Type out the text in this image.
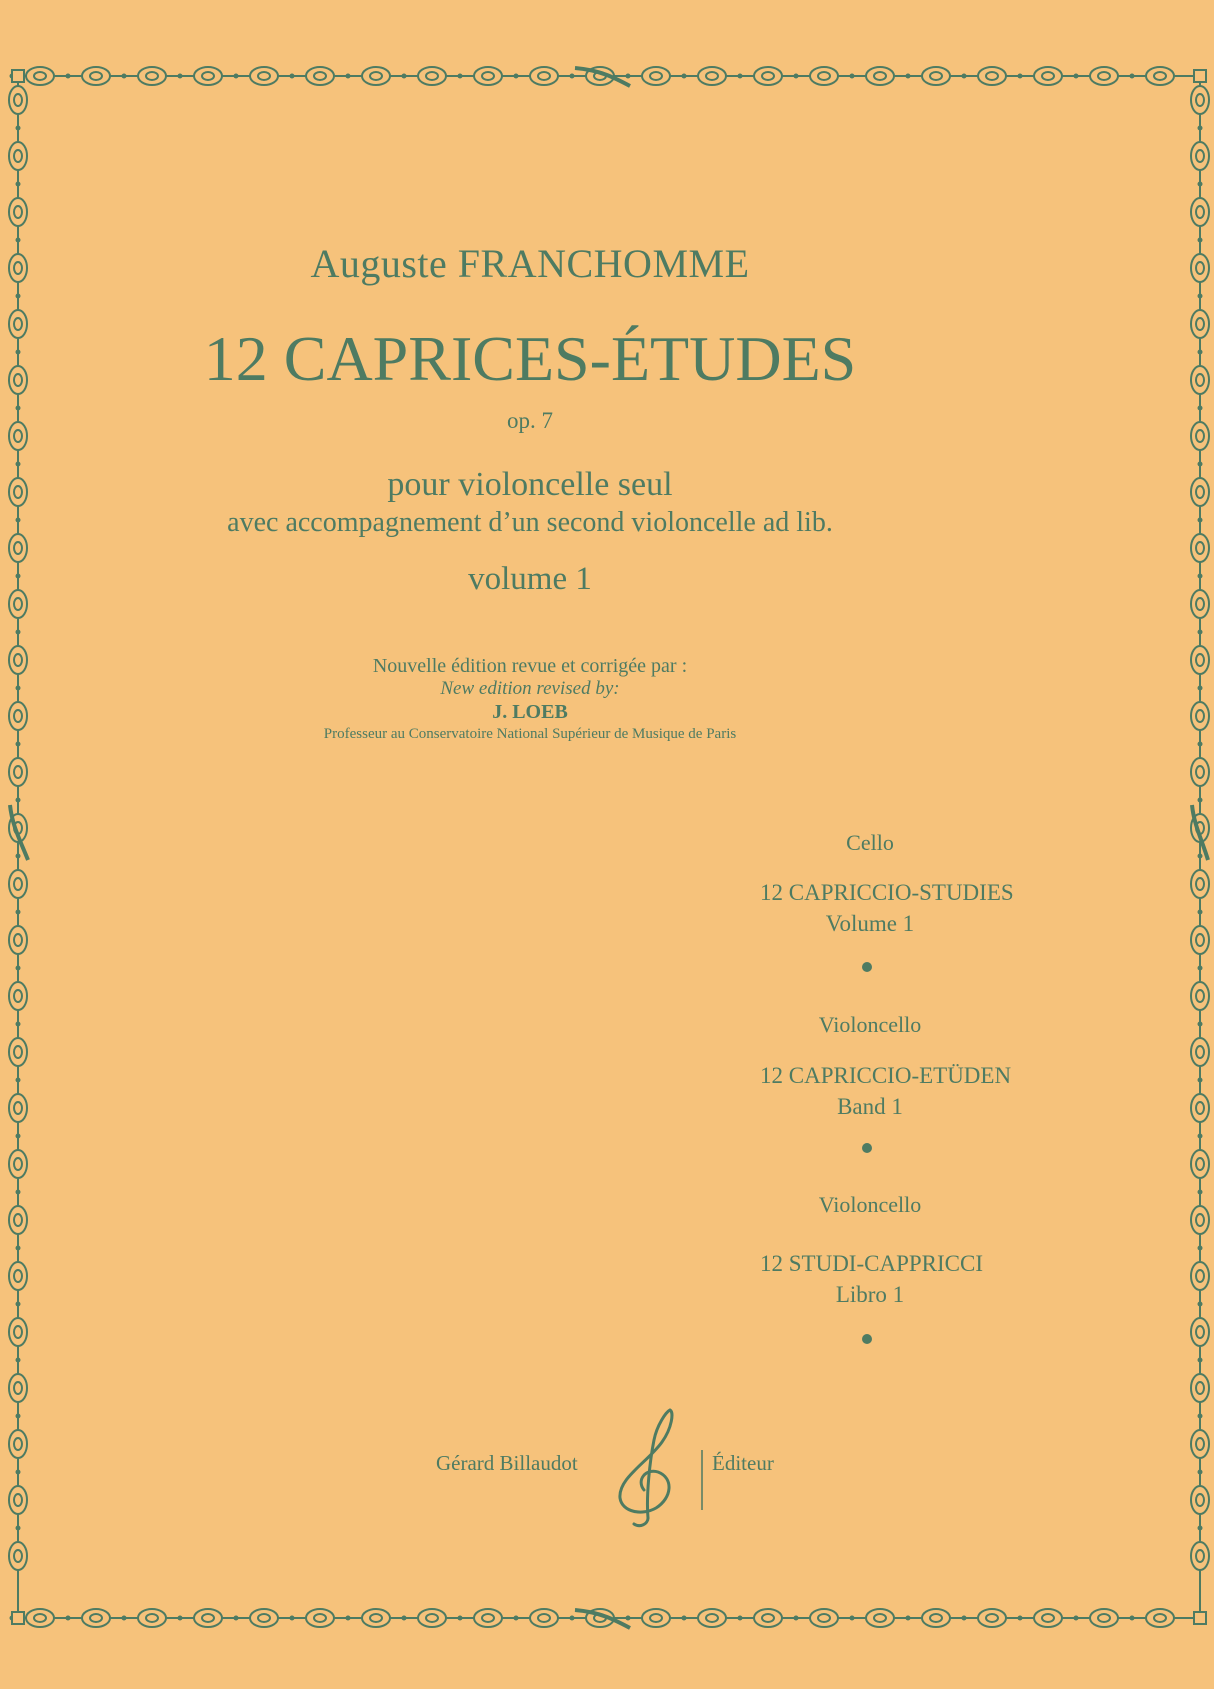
Auguste FRANCHOMME
12 CAPRICES-ÉTUDES
op. 7
pour violoncelle seul
avec accompagnement d’un second violoncelle ad lib.
volume 1
Nouvelle édition revue et corrigée par :
New edition revised by:
J. LOEB
Professeur au Conservatoire National Supérieur de Musique de Paris
Cello
12 CAPRICCIO-STUDIES
Volume 1
Violoncello
12 CAPRICCIO-ETÜDEN
Band 1
Violoncello
12 STUDI-CAPPRICCI
Libro 1
Gérard Billaudot	Éditeur
